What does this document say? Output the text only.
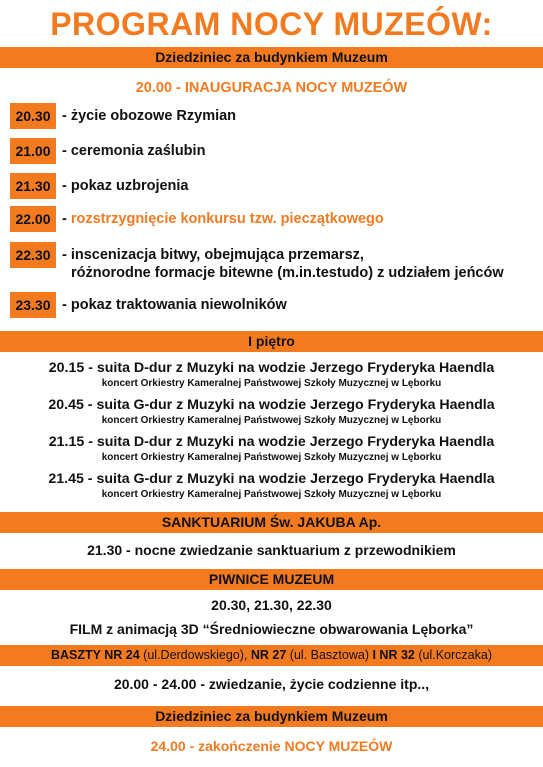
PROGRAM NOCY MUZEÓW:
Dziedziniec za budynkiem Muzeum
20.00 - INAUGURACJA NOCY MUZEÓW
20.30 - życie obozowe Rzymian
21.00 - ceremonia zaślubin
21.30 - pokaz uzbrojenia
22.00 - rozstrzygnięcie konkursu tzw. pieczątkowego
22.30 - inscenizacja bitwy, obejmująca przemarsz,
różnorodne formacje bitewne (m.in.testudo) z udziałem jeńców
23.30 - pokaz traktowania niewolników
I piętro
20.15 - suita D-dur z Muzyki na wodzie Jerzego Fryderyka Haendla
koncert Orkiestry Kameralnej Państwowej Szkoły Muzycznej w Lęborku
20.45 - suita G-dur z Muzyki na wodzie Jerzego Fryderyka Haendla
koncert Orkiestry Kameralnej Państwowej Szkoły Muzycznej w Lęborku
21.15 - suita D-dur z Muzyki na wodzie Jerzego Fryderyka Haendla
koncert Orkiestry Kameralnej Państwowej Szkoły Muzycznej w Lęborku
21.45 - suita G-dur z Muzyki na wodzie Jerzego Fryderyka Haendla
koncert Orkiestry Kameralnej Państwowej Szkoły Muzycznej w Lęborku
SANKTUARIUM Św. JAKUBA Ap.
21.30 - nocne zwiedzanie sanktuarium z przewodnikiem
PIWNICE MUZEUM
20.30, 21.30, 22.30
FILM z animacją 3D “Średniowieczne obwarowania Lęborka”
BASZTY NR 24 (ul.Derdowskiego), NR 27 (ul. Basztowa) I NR 32 (ul.Korczaka)
20.00 - 24.00 - zwiedzanie, życie codzienne itp..,
Dziedziniec za budynkiem Muzeum
24.00 - zakończenie NOCY MUZEÓW
